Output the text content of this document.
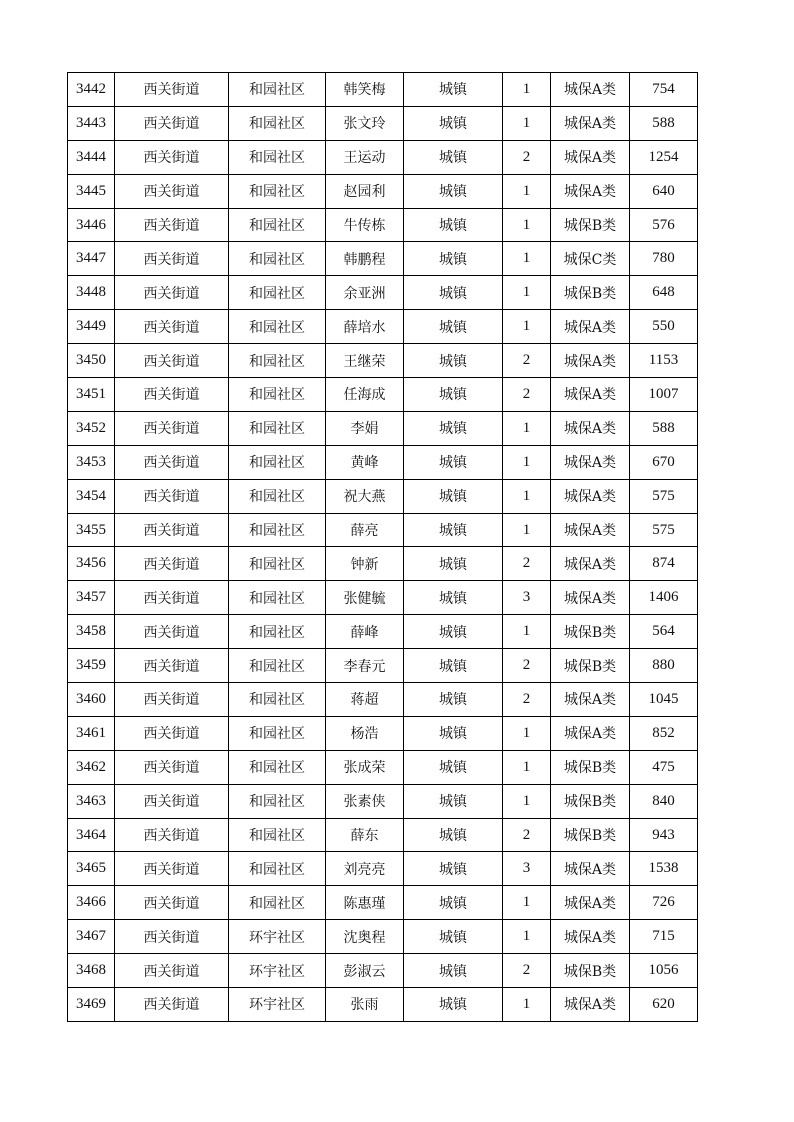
3442	西关街道	和园社区	韩笑梅	城镇	1	城保A类	754
3443	西关街道	和园社区	张文玲	城镇	1	城保A类	588
3444	西关街道	和园社区	王运动	城镇	2	城保A类	1254
3445	西关街道	和园社区	赵园利	城镇	1	城保A类	640
3446	西关街道	和园社区	牛传栋	城镇	1	城保B类	576
3447	西关街道	和园社区	韩鹏程	城镇	1	城保C类	780
3448	西关街道	和园社区	余亚洲	城镇	1	城保B类	648
3449	西关街道	和园社区	薛培水	城镇	1	城保A类	550
3450	西关街道	和园社区	王继荣	城镇	2	城保A类	1153
3451	西关街道	和园社区	任海成	城镇	2	城保A类	1007
3452	西关街道	和园社区	李娟	城镇	1	城保A类	588
3453	西关街道	和园社区	黄峰	城镇	1	城保A类	670
3454	西关街道	和园社区	祝大燕	城镇	1	城保A类	575
3455	西关街道	和园社区	薛亮	城镇	1	城保A类	575
3456	西关街道	和园社区	钟新	城镇	2	城保A类	874
3457	西关街道	和园社区	张健毓	城镇	3	城保A类	1406
3458	西关街道	和园社区	薛峰	城镇	1	城保B类	564
3459	西关街道	和园社区	李春元	城镇	2	城保B类	880
3460	西关街道	和园社区	蒋超	城镇	2	城保A类	1045
3461	西关街道	和园社区	杨浩	城镇	1	城保A类	852
3462	西关街道	和园社区	张成荣	城镇	1	城保B类	475
3463	西关街道	和园社区	张素侠	城镇	1	城保B类	840
3464	西关街道	和园社区	薛东	城镇	2	城保B类	943
3465	西关街道	和园社区	刘亮亮	城镇	3	城保A类	1538
3466	西关街道	和园社区	陈惠瑾	城镇	1	城保A类	726
3467	西关街道	环宇社区	沈奥程	城镇	1	城保A类	715
3468	西关街道	环宇社区	彭淑云	城镇	2	城保B类	1056
3469	西关街道	环宇社区	张雨	城镇	1	城保A类	620
